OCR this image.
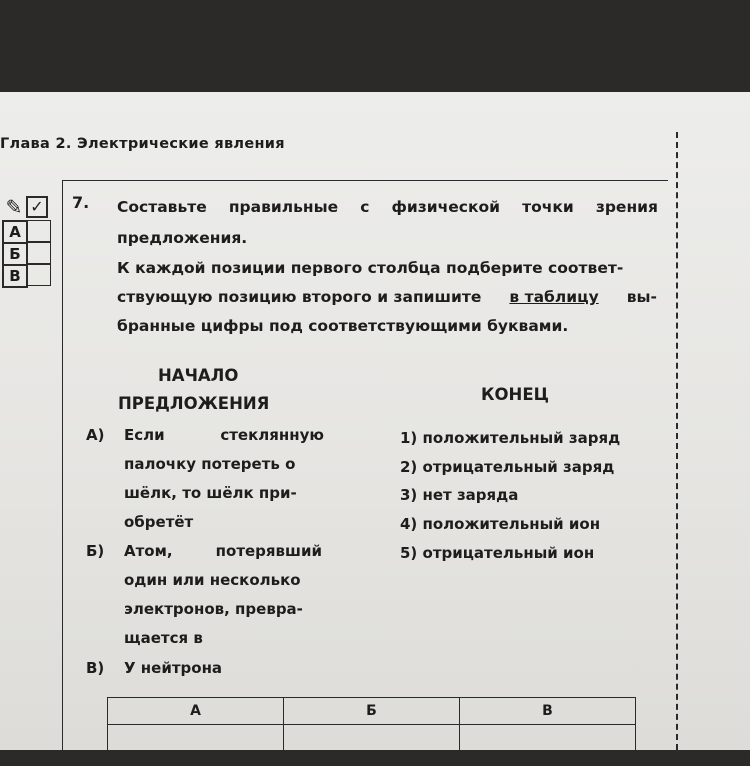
Глава 2. Электрические явления
✎ ✓
А
Б
В
7. Составьте правильные с физической точки зрения
предложения.
К каждой позиции первого столбца подберите соответ-
ствующую позицию второго и запишите в таблицу вы-
бранные цифры под соответствующими буквами.
НАЧАЛО
ПРЕДЛОЖЕНИЯ
А) Если стеклянную
палочку потереть о
шёлк, то шёлк при-
обретёт
Б) Атом, потерявший
один или несколько
электронов, превра-
щается в
В) У нейтрона
КОНЕЦ
1) положительный заряд
2) отрицательный заряд
3) нет заряда
4) положительный ион
5) отрицательный ион
А	Б	В
